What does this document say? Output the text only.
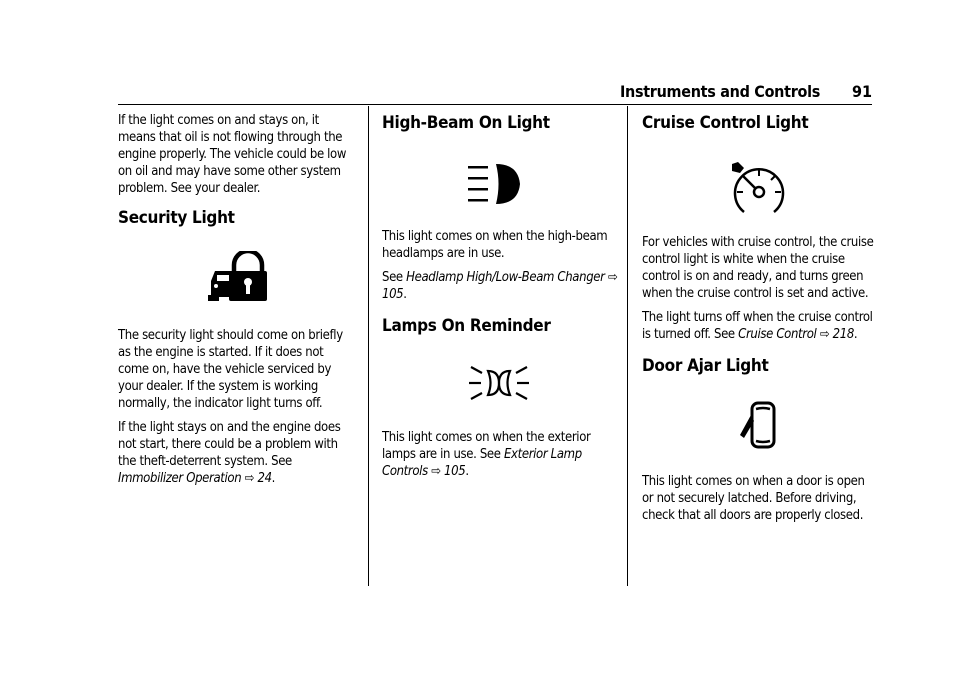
Instruments and Controls 91

If the light comes on and stays on, it means that oil is not flowing through the engine properly. The vehicle could be low on oil and may have some other system problem. See your dealer.

Security Light

The security light should come on briefly as the engine is started. If it does not come on, have the vehicle serviced by your dealer. If the system is working normally, the indicator light turns off.

If the light stays on and the engine does not start, there could be a problem with the theft-deterrent system. See Immobilizer Operation ⇨ 24.

High-Beam On Light

This light comes on when the high-beam headlamps are in use.

See Headlamp High/Low-Beam Changer ⇨ 105.

Lamps On Reminder

This light comes on when the exterior lamps are in use. See Exterior Lamp Controls ⇨ 105.

Cruise Control Light

For vehicles with cruise control, the cruise control light is white when the cruise control is on and ready, and turns green when the cruise control is set and active.

The light turns off when the cruise control is turned off. See Cruise Control ⇨ 218.

Door Ajar Light

This light comes on when a door is open or not securely latched. Before driving, check that all doors are properly closed.
